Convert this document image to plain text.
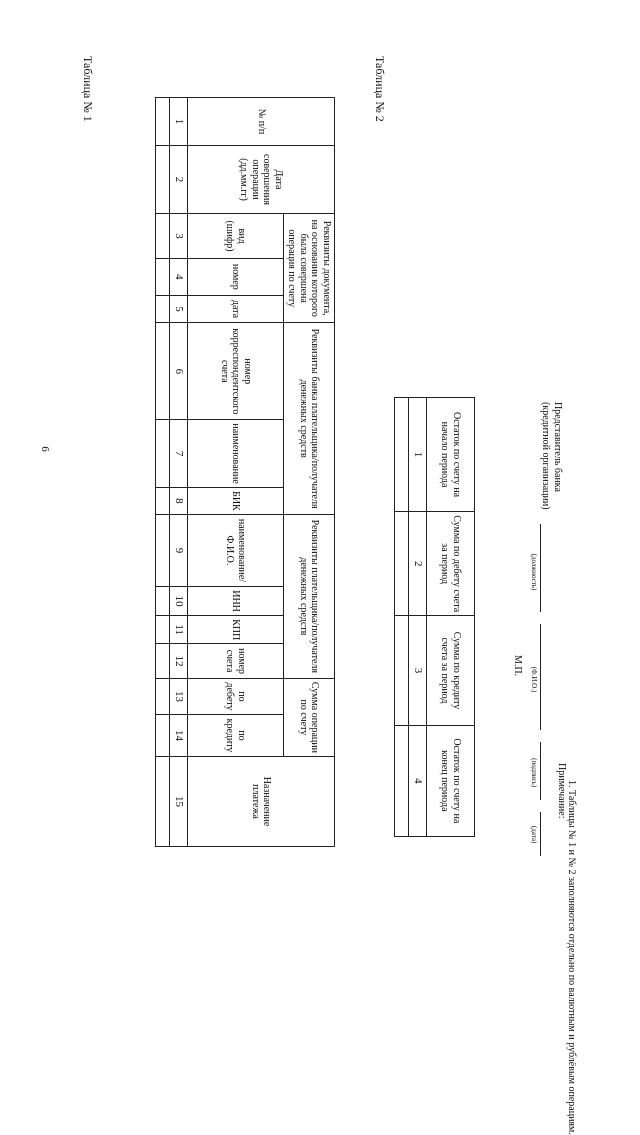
6
Таблица № 1	№ п/п	Дата совершения операции (дд.мм.гг)	Реквизиты документа, на основании которого была совершена операция по счету			Реквизиты банка плательщика/получателя денежных средств			Реквизиты плательщика/получателя денежных средств				Сумма операции по счету		Назначение платежа
		вид (шифр)	номер	дата	номер корреспондентского счета	наименование	БИК	наименование/Ф.И.О.	ИНН	КПП	номер счета	по дебету	по кредиту	
1	2	3	4	5	6	7	8	9	10	11	12	13	14	15

Таблица № 2
Остаток по счету на начало периода	Сумма по дебету счета за период	Сумма по кредиту счета за период	Остаток по счету на конец периода
1	2	3	4

Представитель банка
(кредитной организации)
(должность)
(Ф.И.О.)
(подпись)
(дата)
М.П.
Примечание: 1. Таблицы № 1 и № 2 заполняются отдельно по валютным и рублёвым операциям.
